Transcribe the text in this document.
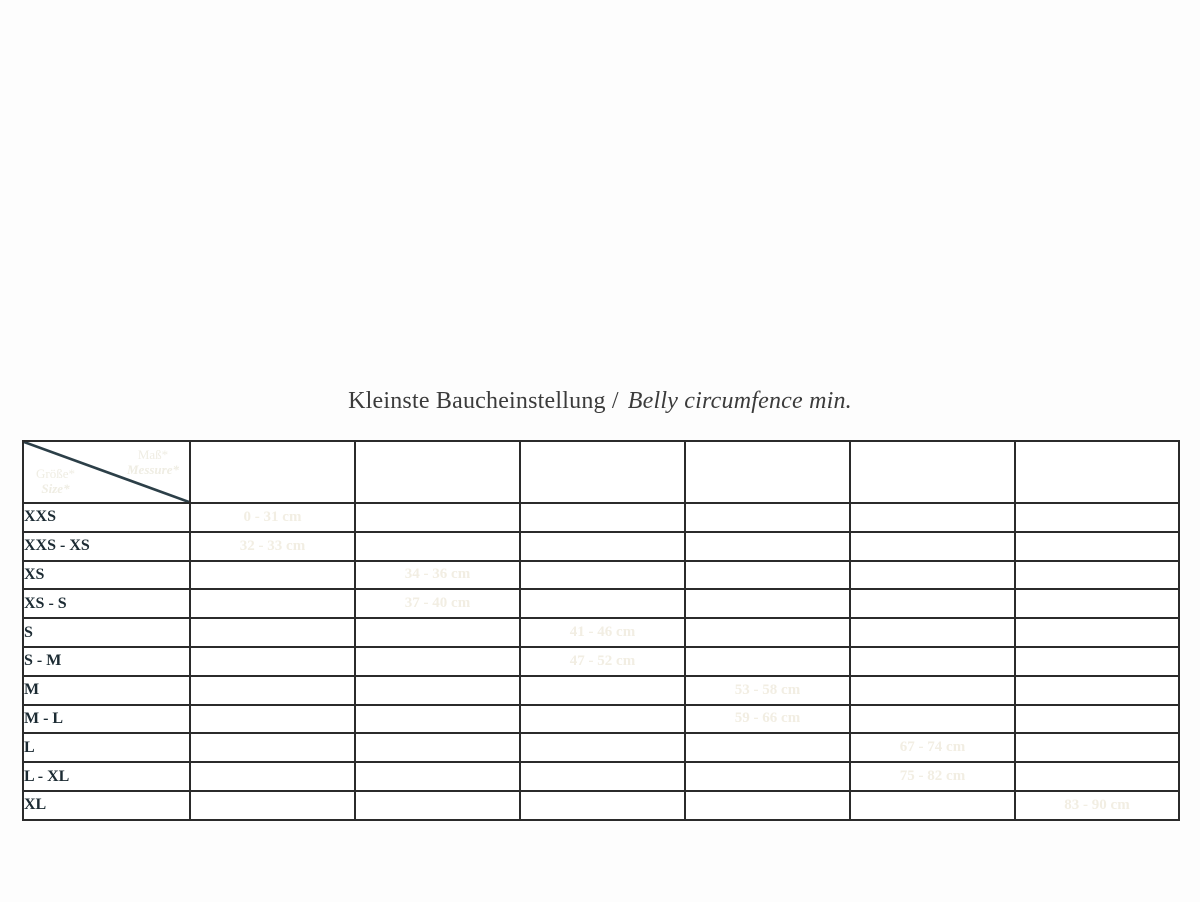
Kleinste Baucheinstellung / Belly circumfence min.
Maß*
Messure*
Größe*
Size*

XXS	0 - 31 cm					
XXS - XS	32 - 33 cm					
XS		34 - 36 cm				
XS - S		37 - 40 cm				
S			41 - 46 cm			
S - M			47 - 52 cm			
M				53 - 58 cm		
M - L				59 - 66 cm		
L					67 - 74 cm	
L - XL					75 - 82 cm	
XL						83 - 90 cm
